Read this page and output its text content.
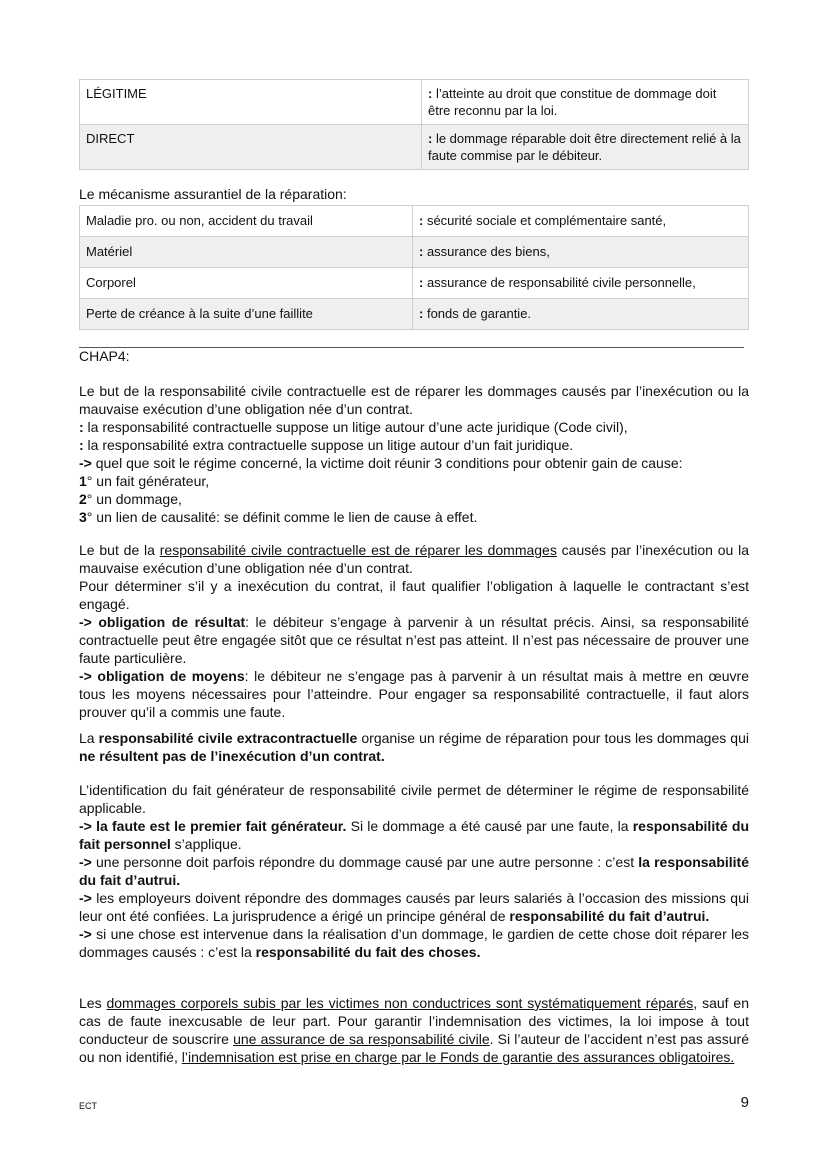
LÉGITIME	: l’atteinte au droit que constitue de dommage doit être reconnu par la loi.
DIRECT	: le dommage réparable doit être directement relié à la faute commise par le débiteur.
Le mécanisme assurantiel de la réparation:
Maladie pro. ou non, accident du travail	: sécurité sociale et complémentaire santé,
Matériel	: assurance des biens,
Corporel	: assurance de responsabilité civile personnelle,
Perte de créance à la suite d’une faillite	: fonds de garantie.
CHAP4:

Le but de la responsabilité civile contractuelle est de réparer les dommages causés par l’inexécution ou la mauvaise exécution d’une obligation née d’un contrat.

: la responsabilité contractuelle suppose un litige autour d’une acte juridique (Code civil),

: la responsabilité extra contractuelle suppose un litige autour d’un fait juridique.

-> quel que soit le régime concerné, la victime doit réunir 3 conditions pour obtenir gain de cause:

1° un fait générateur,

2° un dommage,

3° un lien de causalité: se définit comme le lien de cause à effet.

Le but de la responsabilité civile contractuelle est de réparer les dommages causés par l’inexécution ou la mauvaise exécution d’une obligation née d’un contrat.

Pour déterminer s’il y a inexécution du contrat, il faut qualifier l’obligation à laquelle le contractant s’est engagé.

-> obligation de résultat: le débiteur s’engage à parvenir à un résultat précis. Ainsi, sa responsabilité contractuelle peut être engagée sitôt que ce résultat n’est pas atteint. Il n’est pas nécessaire de prouver une faute particulière.

-> obligation de moyens: le débiteur ne s’engage pas à parvenir à un résultat mais à mettre en œuvre tous les moyens nécessaires pour l’atteindre. Pour engager sa responsabilité contractuelle, il faut alors prouver qu’il a commis une faute.

La responsabilité civile extracontractuelle organise un régime de réparation pour tous les dommages qui ne résultent pas de l’inexécution d’un contrat.

L’identification du fait générateur de responsabilité civile permet de déterminer le régime de responsabilité applicable.

-> la faute est le premier fait générateur. Si le dommage a été causé par une faute, la responsabilité du fait personnel s’applique.

-> une personne doit parfois répondre du dommage causé par une autre personne : c’est la responsabilité du fait d’autrui.

-> les employeurs doivent répondre des dommages causés par leurs salariés à l’occasion des missions qui leur ont été confiées. La jurisprudence a érigé un principe général de responsabilité du fait d’autrui.

-> si une chose est intervenue dans la réalisation d’un dommage, le gardien de cette chose doit réparer les dommages causés : c’est la responsabilité du fait des choses.

Les dommages corporels subis par les victimes non conductrices sont systématiquement réparés, sauf en cas de faute inexcusable de leur part. Pour garantir l’indemnisation des victimes, la loi impose à tout conducteur de souscrire une assurance de sa responsabilité civile. Si l’auteur de l’accident n’est pas assuré ou non identifié, l’indemnisation est prise en charge par le Fonds de garantie des assurances obligatoires.

ECT	9
